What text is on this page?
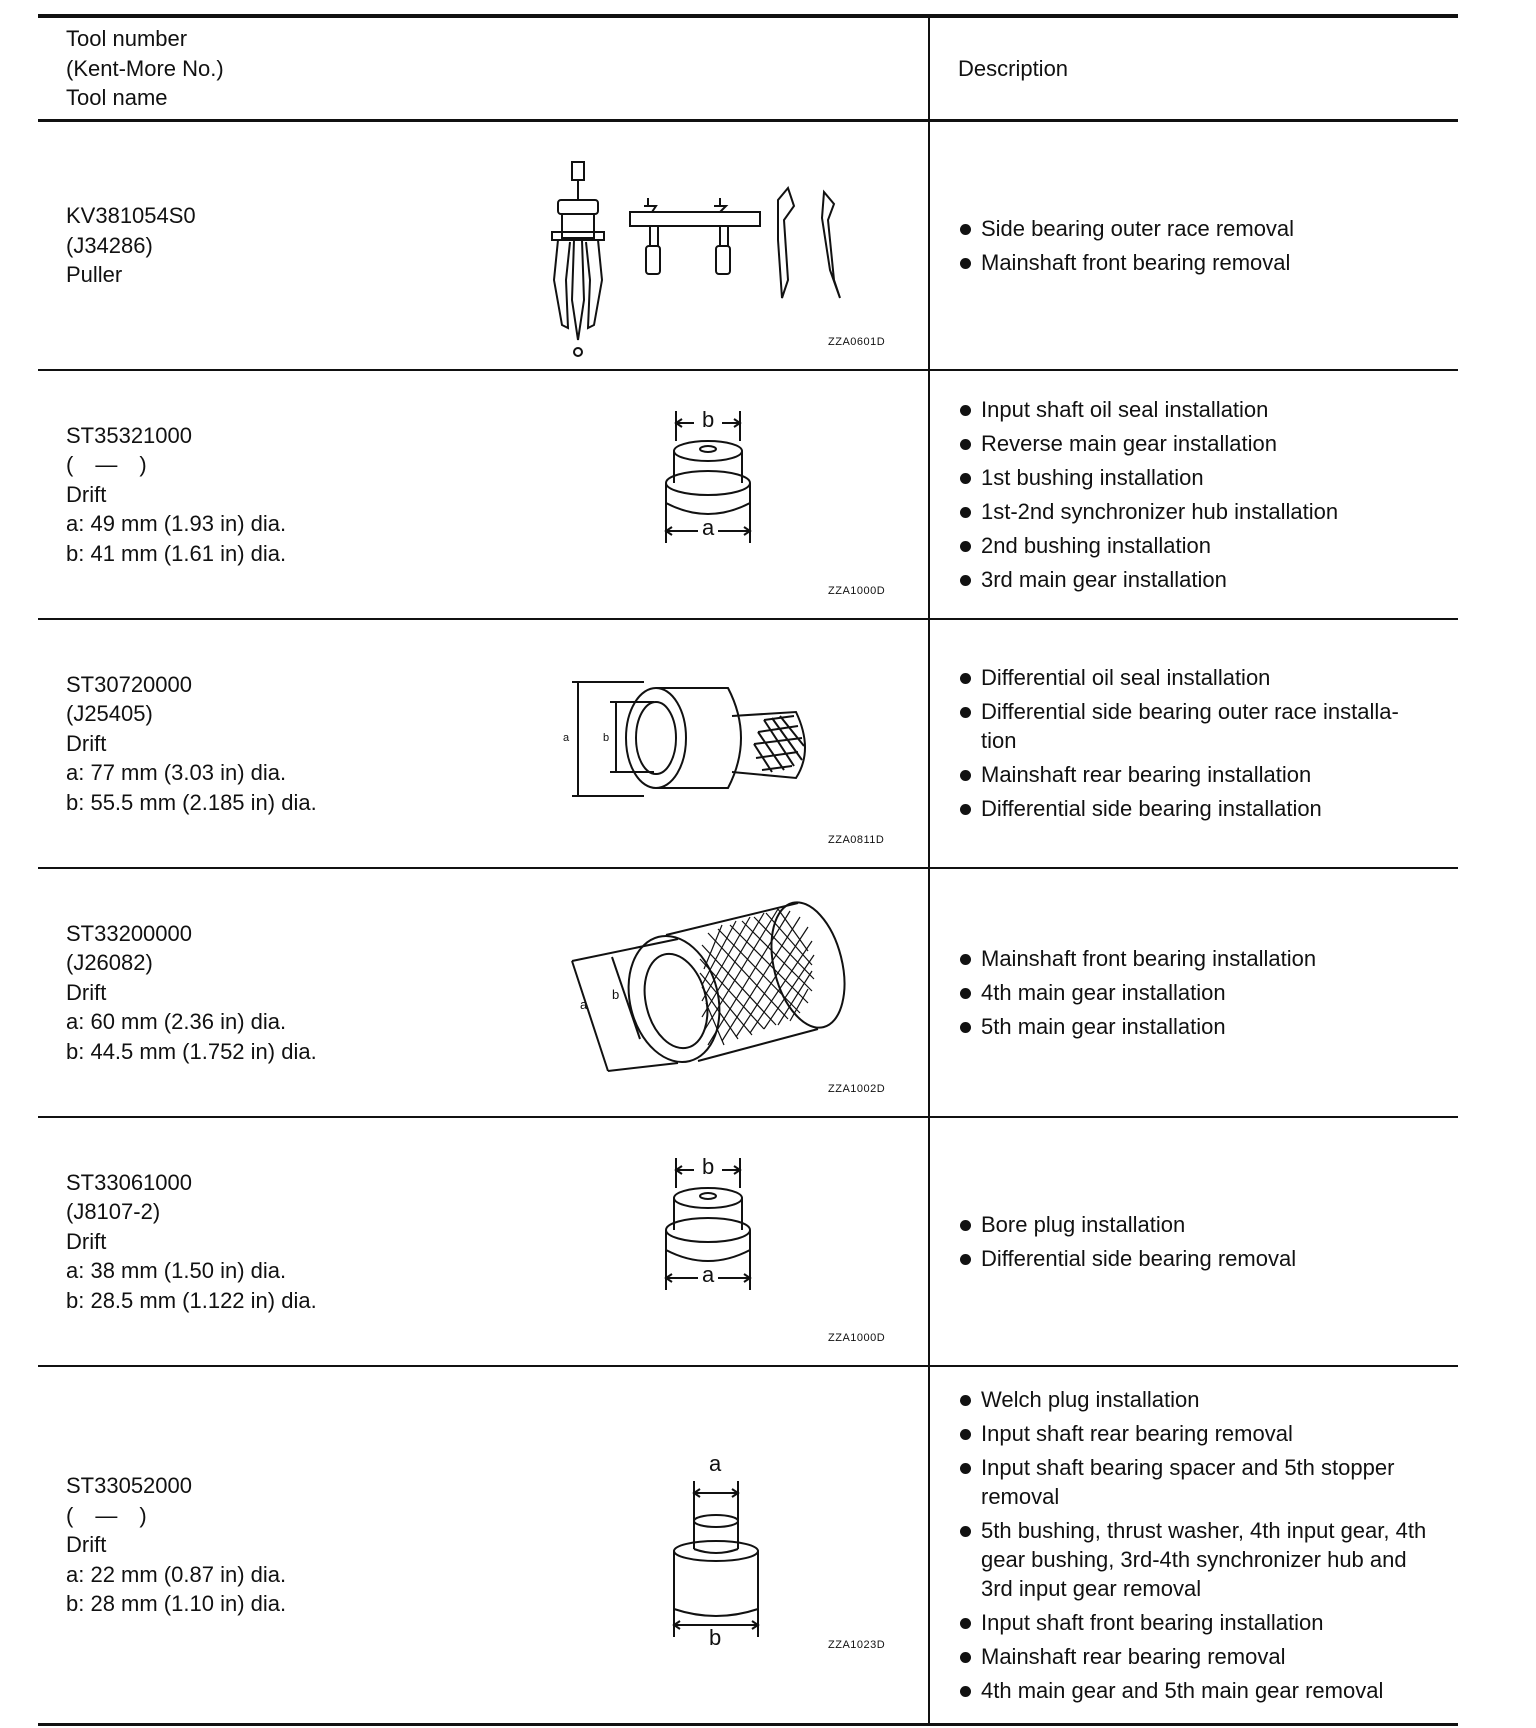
Tool number
(Kent-More No.)
Tool name
Description
KV381054S0
(J34286)
Puller
ZZA0601D
Side bearing outer race removal
Mainshaft front bearing removal
ST35321000
( — )
Drift
a: 49 mm (1.93 in) dia.
b: 41 mm (1.61 in) dia.
b
a
ZZA1000D
Input shaft oil seal installation
Reverse main gear installation
1st bushing installation
1st-2nd synchronizer hub installation
2nd bushing installation
3rd main gear installation
ST30720000
(J25405)
Drift
a: 77 mm (3.03 in) dia.
b: 55.5 mm (2.185 in) dia.
a	b
ZZA0811D
Differential oil seal installation
Differential side bearing outer race installa-
tion
Mainshaft rear bearing installation
Differential side bearing installation
ST33200000
(J26082)
Drift
a: 60 mm (2.36 in) dia.
b: 44.5 mm (1.752 in) dia.
a
b
ZZA1002D
Mainshaft front bearing installation
4th main gear installation
5th main gear installation
ST33061000
(J8107-2)
Drift
a: 38 mm (1.50 in) dia.
b: 28.5 mm (1.122 in) dia.
b
a
ZZA1000D
Bore plug installation
Differential side bearing removal
ST33052000
( — )
Drift
a: 22 mm (0.87 in) dia.
b: 28 mm (1.10 in) dia.
a
b	ZZA1023D
Welch plug installation
Input shaft rear bearing removal
Input shaft bearing spacer and 5th stopper removal
5th bushing, thrust washer, 4th input gear, 4th gear bushing, 3rd-4th synchronizer hub and 3rd input gear removal
Input shaft front bearing installation
Mainshaft rear bearing removal
4th main gear and 5th main gear removal
